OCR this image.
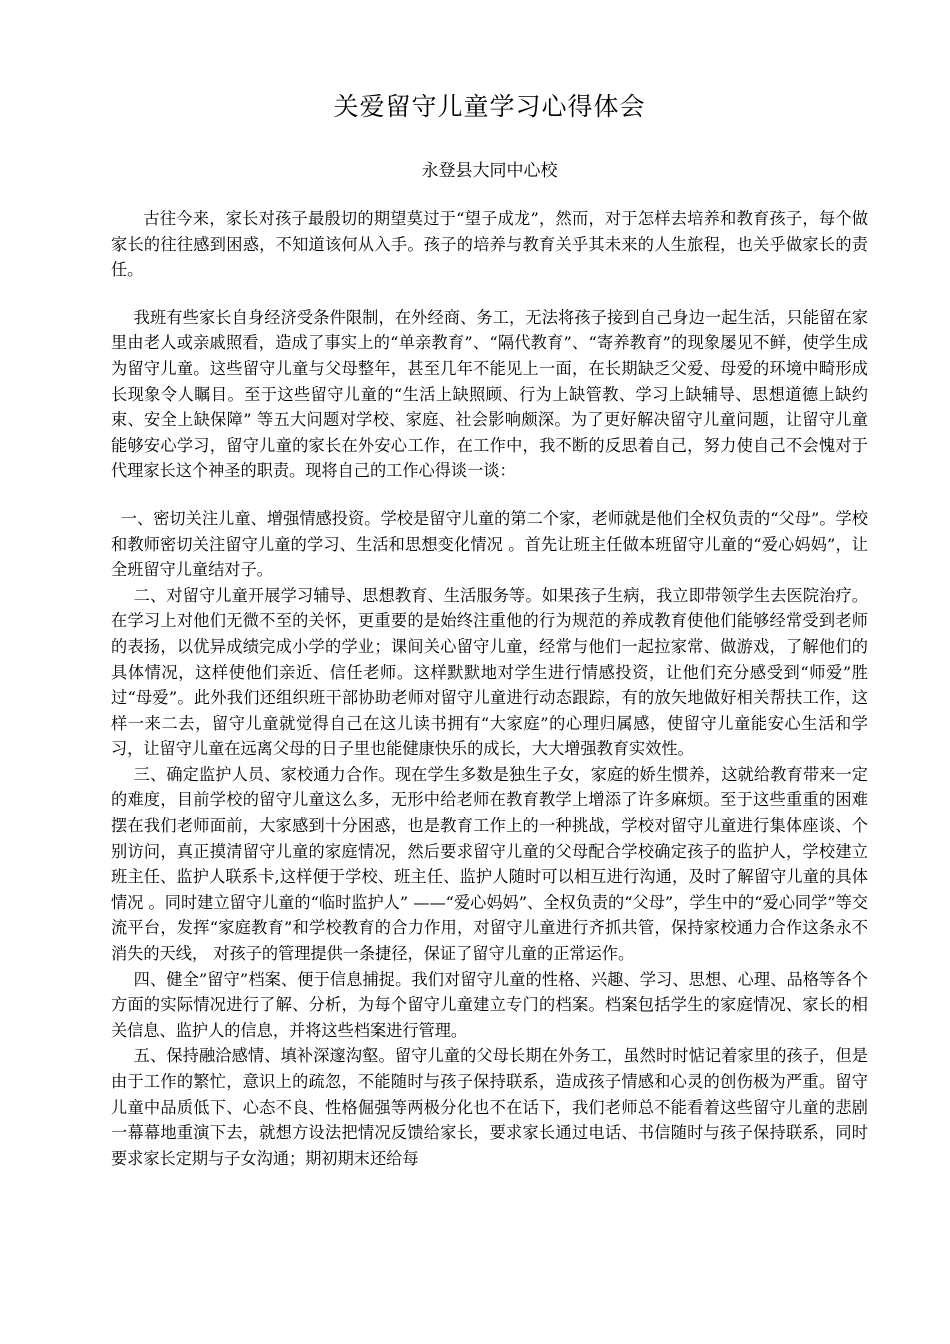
关爱留守儿童学习心得体会
永登县大同中心校

古往今来，家长对孩子最殷切的期望莫过于“望子成龙”，然而，对于怎样去培养和教育孩子，每个做家长的往往感到困惑，不知道该何从入手。孩子的培养与教育关乎其未来的人生旅程，也关乎做家长的责任。

我班有些家长自身经济受条件限制，在外经商、务工，无法将孩子接到自己身边一起生活，只能留在家里由老人或亲戚照看，造成了事实上的“单亲教育”、“隔代教育”、“寄养教育”的现象屡见不鲜，使学生成为留守儿童。这些留守儿童与父母整年，甚至几年不能见上一面，在长期缺乏父爱、母爱的环境中畸形成长现象令人瞩目。至于这些留守儿童的“生活上缺照顾、行为上缺管教、学习上缺辅导、思想道德上缺约束、安全上缺保障” 等五大问题对学校、家庭、社会影响颇深。为了更好解决留守儿童问题，让留守儿童能够安心学习，留守儿童的家长在外安心工作，在工作中，我不断的反思着自己，努力使自己不会愧对于代理家长这个神圣的职责。现将自己的工作心得谈一谈：

一、密切关注儿童、增强情感投资。学校是留守儿童的第二个家，老师就是他们全权负责的“父母”。学校和教师密切关注留守儿童的学习、生活和思想变化情况 。首先让班主任做本班留守儿童的“爱心妈妈”，让全班留守儿童结对子。

二、对留守儿童开展学习辅导、思想教育、生活服务等。如果孩子生病，我立即带领学生去医院治疗。在学习上对他们无微不至的关怀，更重要的是始终注重他的行为规范的养成教育使他们能够经常受到老师的表扬，以优异成绩完成小学的学业；课间关心留守儿童，经常与他们一起拉家常、做游戏，了解他们的具体情况，这样使他们亲近、信任老师。这样默默地对学生进行情感投资，让他们充分感受到“师爱”胜过“母爱”。此外我们还组织班干部协助老师对留守儿童进行动态跟踪，有的放矢地做好相关帮扶工作，这样一来二去，留守儿童就觉得自己在这儿读书拥有“大家庭”的心理归属感，使留守儿童能安心生活和学习，让留守儿童在远离父母的日子里也能健康快乐的成长，大大增强教育实效性。

三、确定监护人员、家校通力合作。现在学生多数是独生子女，家庭的娇生惯养，这就给教育带来一定的难度，目前学校的留守儿童这么多，无形中给老师在教育教学上增添了许多麻烦。至于这些重重的困难摆在我们老师面前，大家感到十分困惑，也是教育工作上的一种挑战，学校对留守儿童进行集体座谈、个别访问，真正摸清留守儿童的家庭情况，然后要求留守儿童的父母配合学校确定孩子的监护人，学校建立班主任、监护人联系卡,这样便于学校、班主任、监护人随时可以相互进行沟通，及时了解留守儿童的具体情况 。同时建立留守儿童的“临时监护人” ——“爱心妈妈”、全权负责的“父母”，学生中的“爱心同学”等交流平台，发挥“家庭教育”和学校教育的合力作用，对留守儿童进行齐抓共管，保持家校通力合作这条永不消失的天线， 对孩子的管理提供一条捷径，保证了留守儿童的正常运作。

四、健全”留守”档案、便于信息捕捉。我们对留守儿童的性格、兴趣、学习、思想、心理、品格等各个方面的实际情况进行了解、分析，为每个留守儿童建立专门的档案。档案包括学生的家庭情况、家长的相关信息、监护人的信息，并将这些档案进行管理。

五、保持融洽感情、填补深邃沟壑。留守儿童的父母长期在外务工，虽然时时惦记着家里的孩子，但是由于工作的繁忙，意识上的疏忽，不能随时与孩子保持联系，造成孩子情感和心灵的创伤极为严重。留守儿童中品质低下、心态不良、性格倔强等两极分化也不在话下，我们老师总不能看着这些留守儿童的悲剧一幕幕地重演下去，就想方设法把情况反馈给家长，要求家长通过电话、书信随时与孩子保持联系，同时要求家长定期与子女沟通；期初期末还给每
